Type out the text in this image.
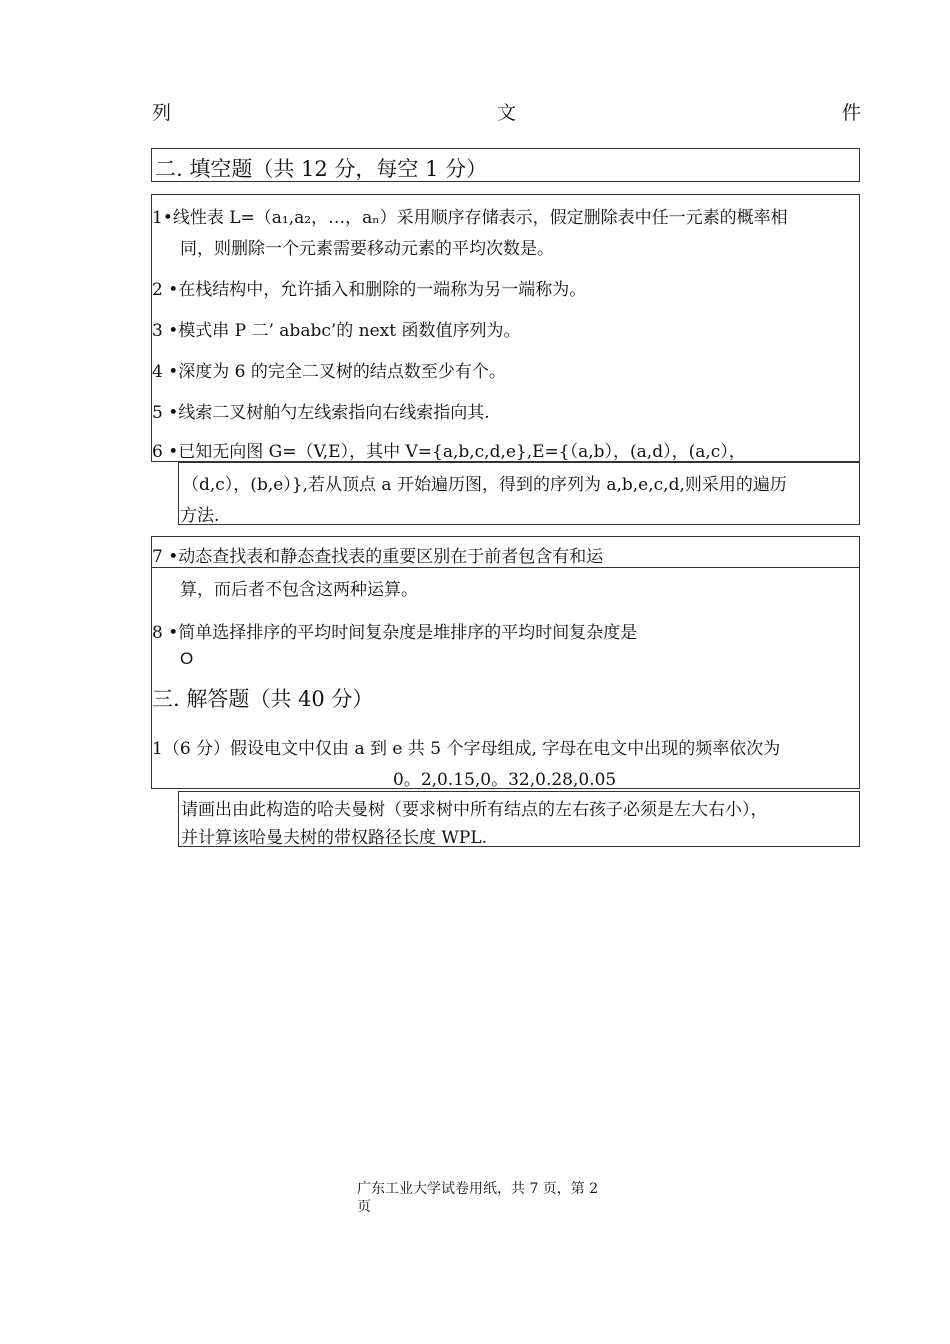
列	文	件
二. 填空题（共 12 分，每空 1 分）
1•线性表 L=（a₁,a₂，…，aₙ）采用顺序存储表示，假定删除表中任一元素的概率相
同，则删除一个元素需要移动元素的平均次数是。
2 •在栈结构中，允许插入和删除的一端称为另一端称为。
3 •模式串 P 二’ ababc’的 next 函数值序列为。
4 •深度为 6 的完全二叉树的结点数至少有个。
5 •线索二叉树舶勺左线索指向右线索指向其.
6 •已知无向图 G=（V,E），其中 V={a,b,c,d,e},E={（a,b），(a,d），(a,c），
（d,c），(b,e）},若从顶点 a 开始遍历图，得到的序列为 a,b,e,c,d,则采用的遍历
方法.
7 •动态查找表和静态查找表的重要区别在于前者包含有和运
算，而后者不包含这两种运算。
8 •简单选择排序的平均时间复杂度是堆排序的平均时间复杂度是
O
三. 解答题（共 40 分）
1（6 分）假设电文中仅由 a 到 e 共 5 个字母组成, 字母在电文中出现的频率依次为
0。2,0.15,0。32,0.28,0.05
请画出由此构造的哈夫曼树（要求树中所有结点的左右孩子必须是左大右小），
并计算该哈曼夫树的带权路径长度 WPL.
广东工业大学试卷用纸，共 7 页，第 2
页
